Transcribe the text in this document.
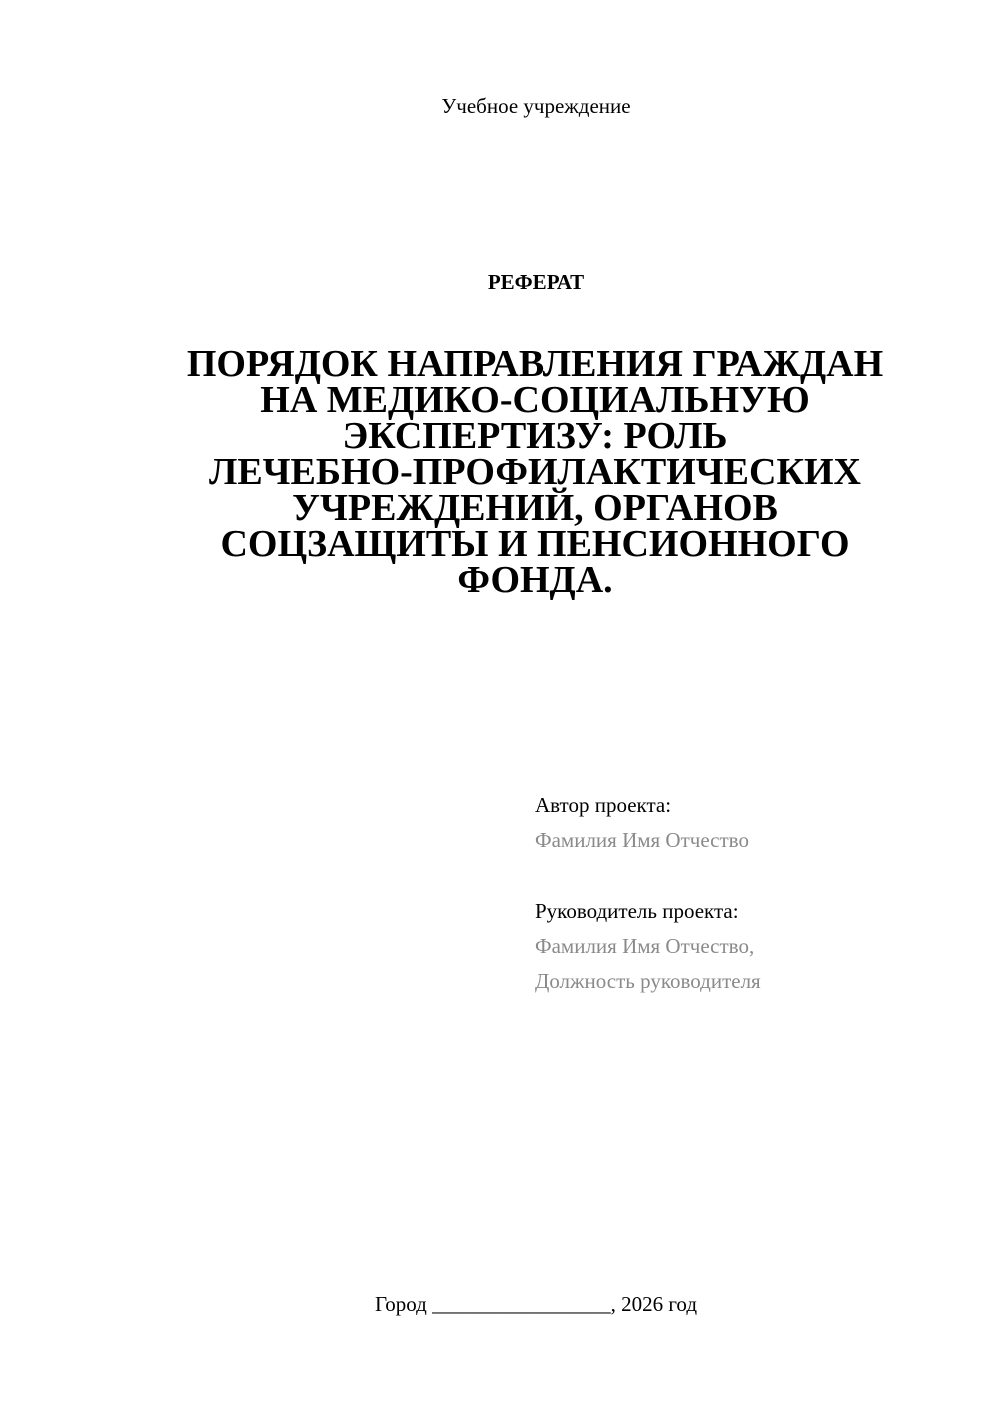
Учебное учреждение
РЕФЕРАТ
ПОРЯДОК НАПРАВЛЕНИЯ ГРАЖДАН
НА МЕДИКО-СОЦИАЛЬНУЮ
ЭКСПЕРТИЗУ: РОЛЬ
ЛЕЧЕБНО-ПРОФИЛАКТИЧЕСКИХ
УЧРЕЖДЕНИЙ, ОРГАНОВ
СОЦЗАЩИТЫ И ПЕНСИОННОГО
ФОНДА.
Автор проекта:
Фамилия Имя Отчество
Руководитель проекта:
Фамилия Имя Отчество,
Должность руководителя
Город _________________, 2026 год
